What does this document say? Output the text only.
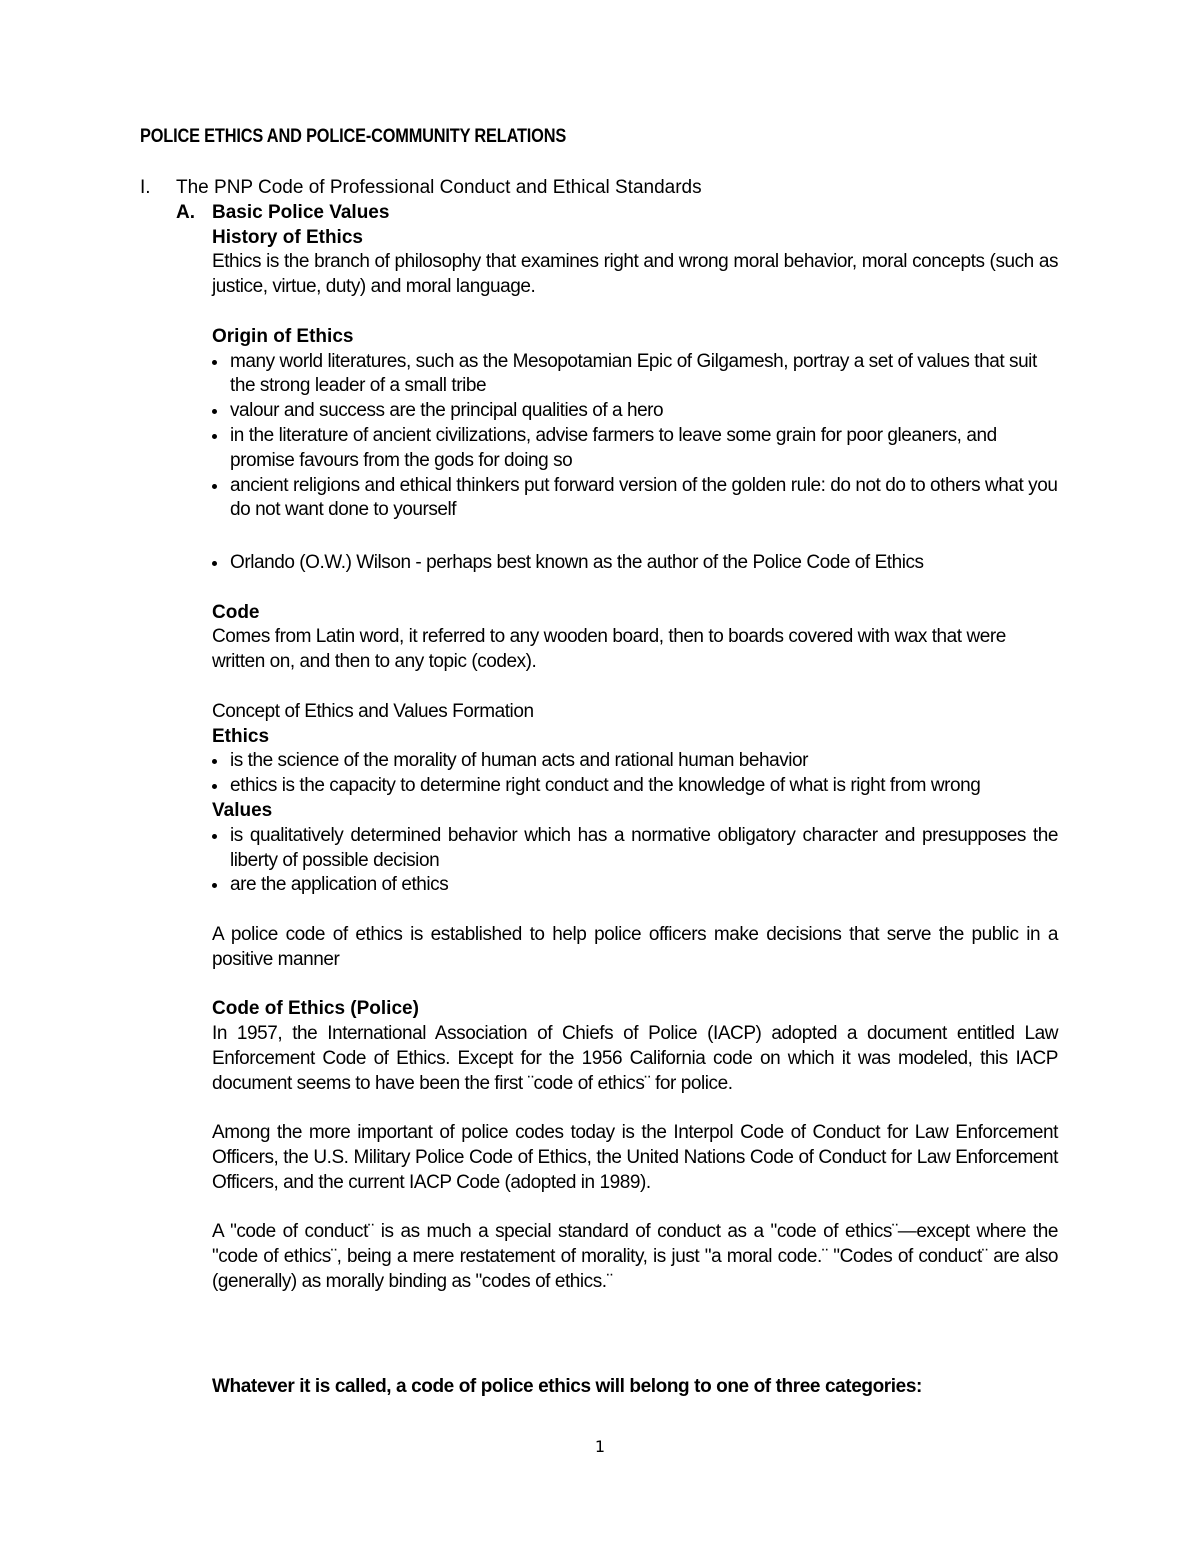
POLICE ETHICS AND POLICE-COMMUNITY RELATIONS
I. The PNP Code of Professional Conduct and Ethical Standards
A. Basic Police Values

History of Ethics

Ethics is the branch of philosophy that examines right and wrong moral behavior, moral concepts (such as justice, virtue, duty) and moral language.

Origin of Ethics

many world literatures, such as the Mesopotamian Epic of Gilgamesh, portray a set of values that suit the strong leader of a small tribe
valour and success are the principal qualities of a hero
in the literature of ancient civilizations, advise farmers to leave some grain for poor gleaners, and promise favours from the gods for doing so
ancient religions and ethical thinkers put forward version of the golden rule: do not do to others what you do not want done to yourself
Orlando (O.W.) Wilson - perhaps best known as the author of the Police Code of Ethics

Code

Comes from Latin word, it referred to any wooden board, then to boards covered with wax that were written on, and then to any topic (codex).

Concept of Ethics and Values Formation

Ethics

is the science of the morality of human acts and rational human behavior
ethics is the capacity to determine right conduct and the knowledge of what is right from wrong

Values

is qualitatively determined behavior which has a normative obligatory character and presupposes the liberty of possible decision
are the application of ethics

A police code of ethics is established to help police officers make decisions that serve the public in a positive manner

Code of Ethics (Police)

In 1957, the International Association of Chiefs of Police (IACP) adopted a document entitled Law Enforcement Code of Ethics. Except for the 1956 California code on which it was modeled, this IACP document seems to have been the first ¨code of ethics¨ for police.

Among the more important of police codes today is the Interpol Code of Conduct for Law Enforcement Officers, the U.S. Military Police Code of Ethics, the United Nations Code of Conduct for Law Enforcement Officers, and the current IACP Code (adopted in 1989).

A "code of conduct¨ is as much a special standard of conduct as a "code of ethics¨—except where the "code of ethics¨, being a mere restatement of morality, is just "a moral code.¨ "Codes of conduct¨ are also (generally) as morally binding as "codes of ethics.¨

Whatever it is called, a code of police ethics will belong to one of three categories:
1
